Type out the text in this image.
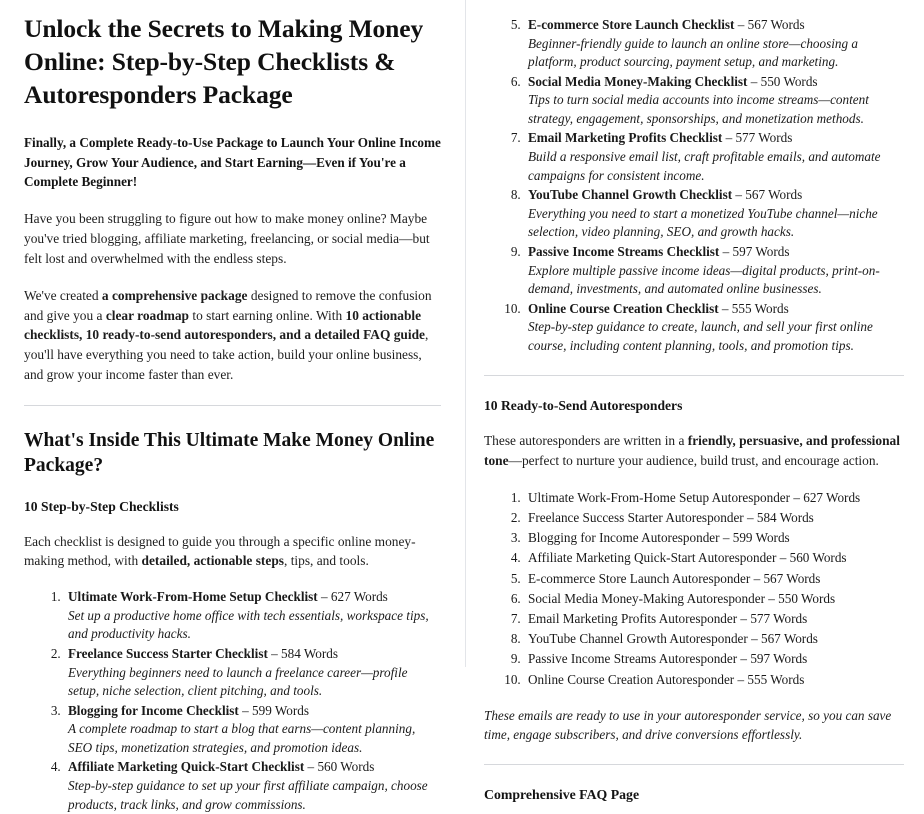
Unlock the Secrets to Making Money Online: Step-by-Step Checklists & Autoresponders Package

Finally, a Complete Ready-to-Use Package to Launch Your Online Income Journey, Grow Your Audience, and Start Earning—Even if You're a Complete Beginner!

Have you been struggling to figure out how to make money online? Maybe you've tried blogging, affiliate marketing, freelancing, or social media—but felt lost and overwhelmed with the endless steps.

We've created a comprehensive package designed to remove the confusion and give you a clear roadmap to start earning online. With 10 actionable checklists, 10 ready-to-send autoresponders, and a detailed FAQ guide, you'll have everything you need to take action, build your online business, and grow your income faster than ever.

What's Inside This Ultimate Make Money Online Package?
10 Step-by-Step Checklists

Each checklist is designed to guide you through a specific online money-making method, with detailed, actionable steps, tips, and tools.

1. Ultimate Work-From-Home Setup Checklist – 627 Words
Set up a productive home office with tech essentials, workspace tips, and productivity hacks.
2. Freelance Success Starter Checklist – 584 Words
Everything beginners need to launch a freelance career—profile setup, niche selection, client pitching, and tools.
3. Blogging for Income Checklist – 599 Words
A complete roadmap to start a blog that earns—content planning, SEO tips, monetization strategies, and promotion ideas.
4. Affiliate Marketing Quick-Start Checklist – 560 Words
Step-by-step guidance to set up your first affiliate campaign, choose products, track links, and grow commissions.
5. E-commerce Store Launch Checklist – 567 Words
Beginner-friendly guide to launch an online store—choosing a platform, product sourcing, payment setup, and marketing.
6. Social Media Money-Making Checklist – 550 Words
Tips to turn social media accounts into income streams—content strategy, engagement, sponsorships, and monetization methods.
7. Email Marketing Profits Checklist – 577 Words
Build a responsive email list, craft profitable emails, and automate campaigns for consistent income.
8. YouTube Channel Growth Checklist – 567 Words
Everything you need to start a monetized YouTube channel—niche selection, video planning, SEO, and growth hacks.
9. Passive Income Streams Checklist – 597 Words
Explore multiple passive income ideas—digital products, print-on-demand, investments, and automated online businesses.
10. Online Course Creation Checklist – 555 Words
Step-by-step guidance to create, launch, and sell your first online course, including content planning, tools, and promotion tips.
10 Ready-to-Send Autoresponders

These autoresponders are written in a friendly, persuasive, and professional tone—perfect to nurture your audience, build trust, and encourage action.

1. Ultimate Work-From-Home Setup Autoresponder – 627 Words
2. Freelance Success Starter Autoresponder – 584 Words
3. Blogging for Income Autoresponder – 599 Words
4. Affiliate Marketing Quick-Start Autoresponder – 560 Words
5. E-commerce Store Launch Autoresponder – 567 Words
6. Social Media Money-Making Autoresponder – 550 Words
7. Email Marketing Profits Autoresponder – 577 Words
8. YouTube Channel Growth Autoresponder – 567 Words
9. Passive Income Streams Autoresponder – 597 Words
10. Online Course Creation Autoresponder – 555 Words

These emails are ready to use in your autoresponder service, so you can save time, engage subscribers, and drive conversions effortlessly.

Comprehensive FAQ Page
